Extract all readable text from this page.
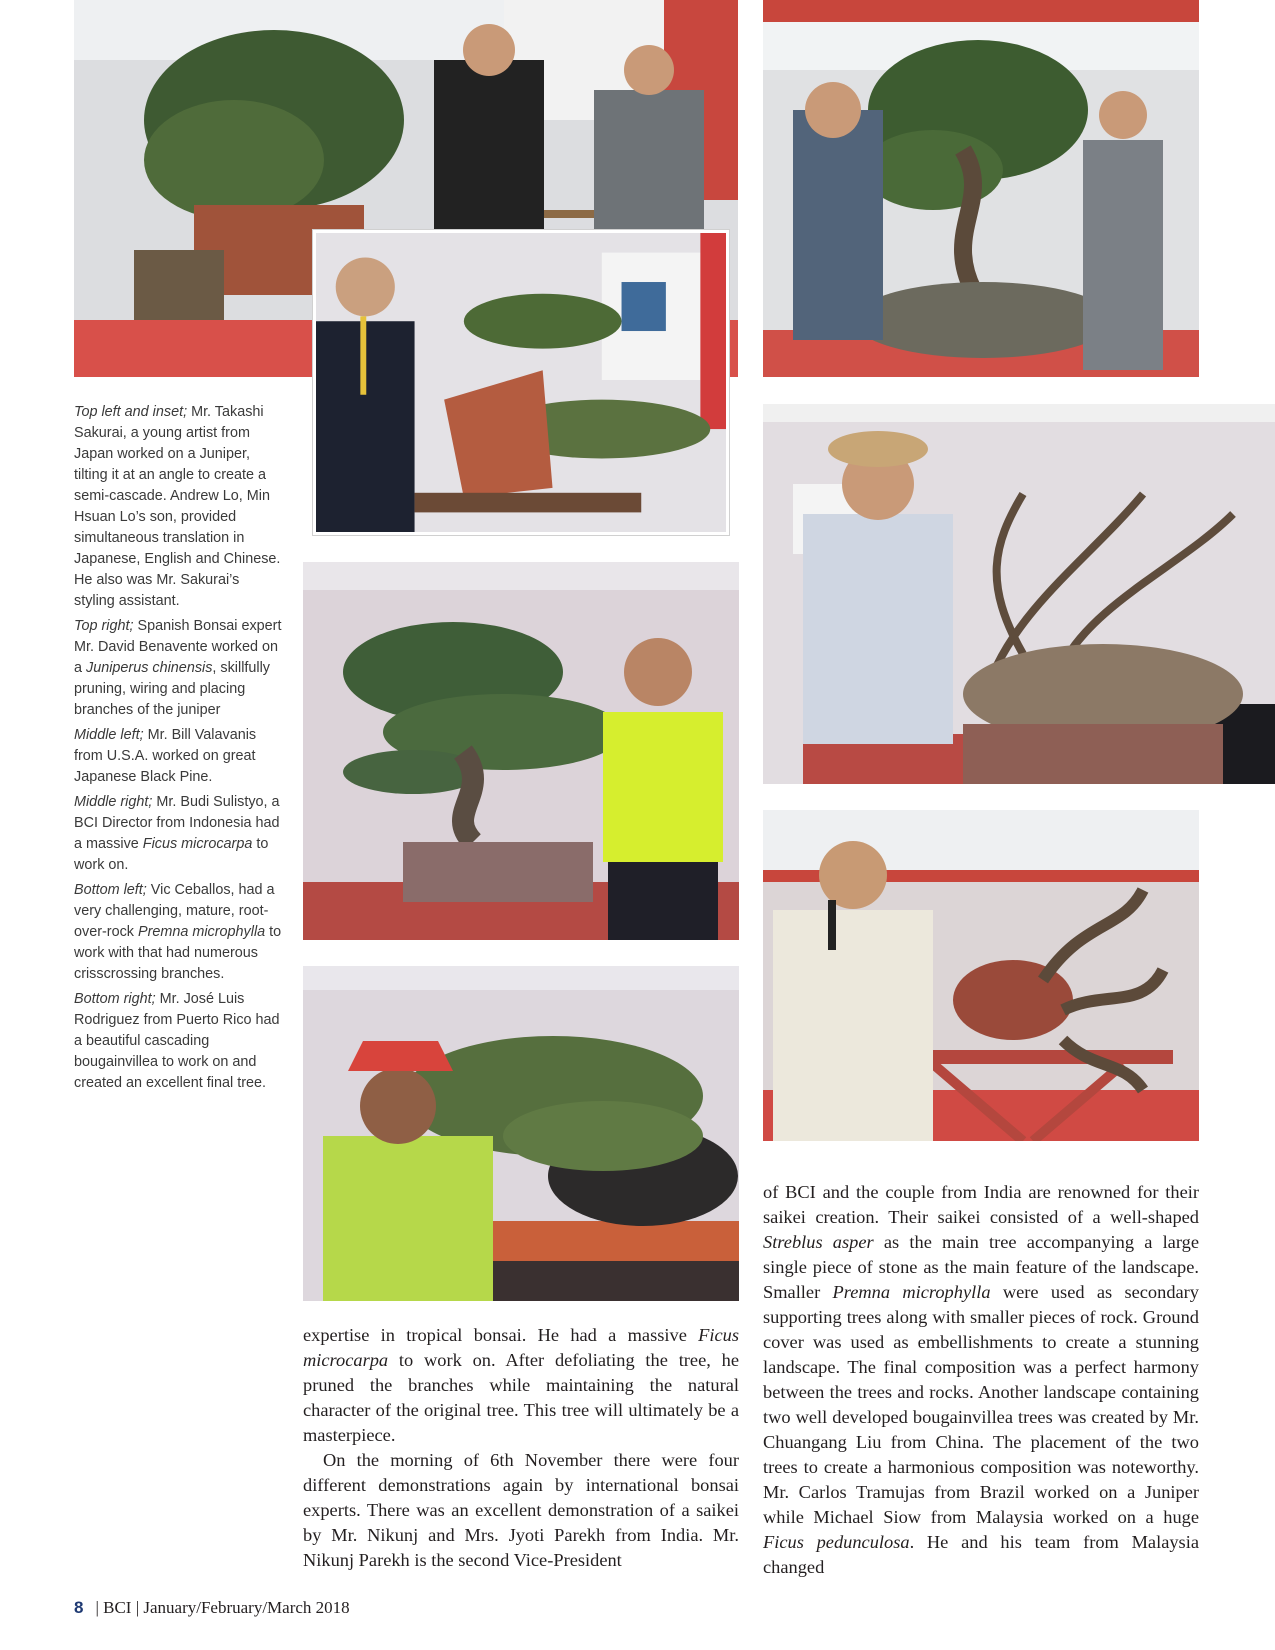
Top left and inset; Mr. Takashi Sakurai, a young artist from Japan worked on a Juniper, tilting it at an angle to create a semi-cascade. Andrew Lo, Min Hsuan Lo’s son, provided simultaneous translation in Japanese, English and Chinese. He also was Mr. Sakurai’s styling assistant.

Top right; Spanish Bonsai expert Mr. David Benavente worked on a Juniperus chinensis, skillfully pruning, wiring and placing branches of the juniper

Middle left; Mr. Bill Valavanis from U.S.A. worked on great Japanese Black Pine.

Middle right; Mr. Budi Sulistyo, a BCI Director from Indonesia had a massive Ficus microcarpa to work on.

Bottom left; Vic Ceballos, had a very challenging, mature, root-over-rock Premna microphylla to work with that had numerous crisscrossing branches.

Bottom right; Mr. José Luis Rodriguez from Puerto Rico had a beautiful cascading bougainvillea to work on and created an excellent final tree.

expertise in tropical bonsai. He had a massive Ficus microcarpa to work on. After defoliating the tree, he pruned the branches while maintaining the natural character of the original tree. This tree will ultimately be a masterpiece.

On the morning of 6th November there were four different demonstrations again by international bonsai experts. There was an excellent demonstration of a saikei by Mr. Nikunj and Mrs. Jyoti Parekh from India. Mr. Nikunj Parekh is the second Vice-President

of BCI and the couple from India are renowned for their saikei creation. Their saikei consisted of a well-shaped Streblus asper as the main tree accompanying a large single piece of stone as the main feature of the landscape. Smaller Premna microphylla were used as secondary supporting trees along with smaller pieces of rock. Ground cover was used as embellishments to create a stunning landscape. The final composition was a perfect harmony between the trees and rocks. Another landscape containing two well developed bougainvillea trees was created by Mr. Chuangang Liu from China. The placement of the two trees to create a harmonious composition was noteworthy. Mr. Carlos Tramujas from Brazil worked on a Juniper while Michael Siow from Malaysia worked on a huge Ficus pedunculosa. He and his team from Malaysia changed

8 | BCI | January/February/March 2018
